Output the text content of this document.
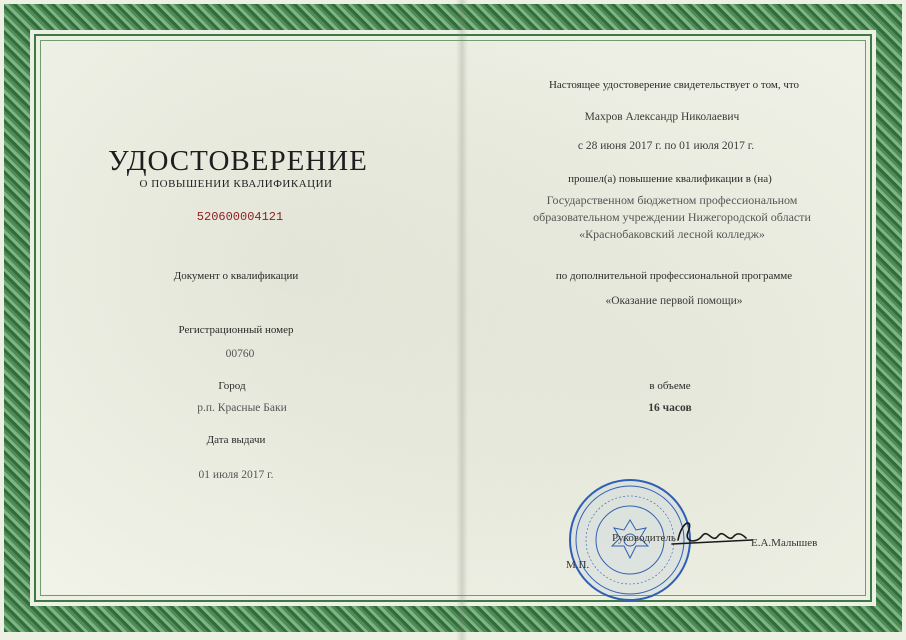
УДОСТОВЕРЕНИЕ
О ПОВЫШЕНИИ КВАЛИФИКАЦИИ
520600004121
Документ о квалификации
Регистрационный номер
00760
Город
р.п. Красные Баки
Дата выдачи
01 июля 2017 г.
Настоящее удостоверение свидетельствует о том, что
Махров Александр Николаевич
с 28 июня 2017 г. по 01 июля 2017 г.
прошел(а) повышение квалификации в (на)
Государственном бюджетном профессиональном
образовательном учреждении Нижегородской области
«Краснобаковский лесной колледж»
по дополнительной профессиональной программе
«Оказание первой помощи»
в объеме
16 часов
Руководитель	Е.А.Малышев
М.П.
